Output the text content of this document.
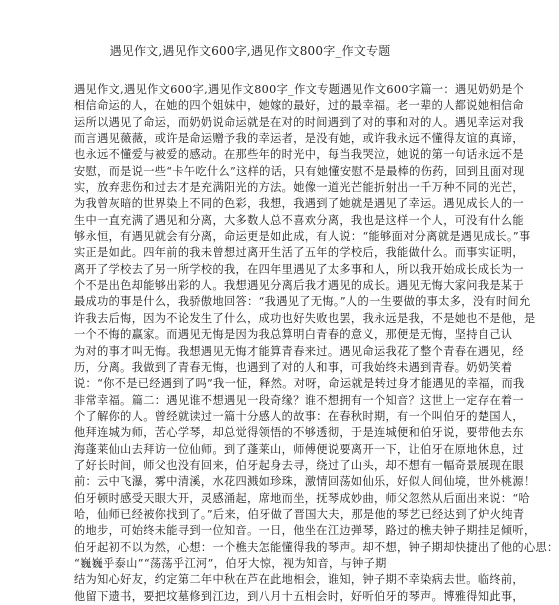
遇见作文,遇见作文600字,遇见作文800字_作文专题
遇见作文,遇见作文600字,遇见作文800字_作文专题遇见作文600字篇一：遇见奶奶是个
相信命运的人，在她的四个姐妹中，她嫁的最好，过的最幸福。老一辈的人都说她相信命
运所以遇见了命运，而奶奶说命运就是在对的时间遇到了对的事和对的人。遇见幸运对我
而言遇见薇薇，或许是命运赠予我的幸运者，是没有她，或许我永远不懂得友谊的真谛，
也永远不懂爱与被爱的感动。在那些年的时光中，每当我哭泣，她说的第一句话永远不是
安慰，而是说一些“卡午吃什么”这样的话，只有她懂安慰不是最棒的伤药，回到且面对现
实，放弃悲伤和过去才是充满阳光的方法。她像一道光芒能折射出一千万种不同的光芒，
为我曾灰暗的世界染上不同的色彩，我想，我遇到了她就是遇见了幸运。遇见成长人的一
生中一直充满了遇见和分离，大多数人总不喜欢分离，我也是这样一个人，可没有什么能
够永恒，有遇见就会有分离，命运更是如此成，有人说：“能够面对分离就是遇见成长。”事
实正是如此。四年前的我未曾想过离开生活了五年的学校后，我能做什么。而事实证明，
离开了学校去了另一所学校的我，在四年里遇见了太多事和人，所以我开始成长成长为一
个不是出色却能够出彩的人。我想遇见分离后我才遇见的成长。遇见无悔大家问我是某于
最成功的事是什么，我骄傲地回答：“我遇见了无悔。”人的一生要做的事太多，没有时间允
许我去后悔，因为不论发生了什么，成功也好失败也罢，我永远是我，不是她也不是他，是
一个不悔的赢家。而遇见无悔是因为我总算明白青春的意义，那便是无悔，坚持自己认
为对的事才叫无悔。我想遇见无悔才能算青春来过。遇见命运我花了整个青春在遇见，经
历，分离。我做到了青春无悔，也遇到了对的人和事，可我始终未遇到青春。奶奶笑着
说：“你不是已经遇到了吗”我一怔，释然。对呀，命运就是转过身才能遇见的幸福，而我
非常幸福。篇二：遇见谁不想遇见一段奇缘？谁不想拥有一个知音？这世上一定存在着一
个了解你的人。曾经就读过一篇十分感人的故事：在春秋时期，有一个叫伯牙的楚国人，
他拜连城为师，苦心学琴，却总觉得领悟的不够透彻，于是连城便和伯牙说，要带他去东
海蓬莱仙山去拜访一位仙师。到了蓬莱山，师傅便说要离开一下，让伯牙在原地休息，过
了好长时间，师父也没有回来，伯牙起身去寻，绕过了山头，却不想有一幅奇景展现在眼
前：云中飞瀑，雾中清溪，水花四溅如珍珠，激情回荡如仙乐，好似人间仙境，世外桃源！
伯牙顿时感受天眼大开，灵感涌起，席地而坐，抚琴成妙曲，师父忽然从后面出来说：“哈
哈，仙师已经被你找到了。”后来，伯牙做了晋国大夫，那是他的琴艺已经达到了炉火纯青
的地步，可始终未能寻到一位知音。一日，他坐在江边弹琴，路过的樵夫钟子期挂足倾听，
伯牙起初不以为然，心想：一个樵夫怎能懂得我的琴声。却不想，钟子期却快捷出了他的心思：
“巍巍乎泰山”“荡荡乎江河”，伯牙大惊，视为知音，与钟子期
结为知心好友，约定第二年中秋在芦在此地相会，谁知，钟子期不幸染病去世。临终前，
他留下遗书，要把坟墓修到江边，到八月十五相会时，好听伯牙的琴声。博雅得知此事，
